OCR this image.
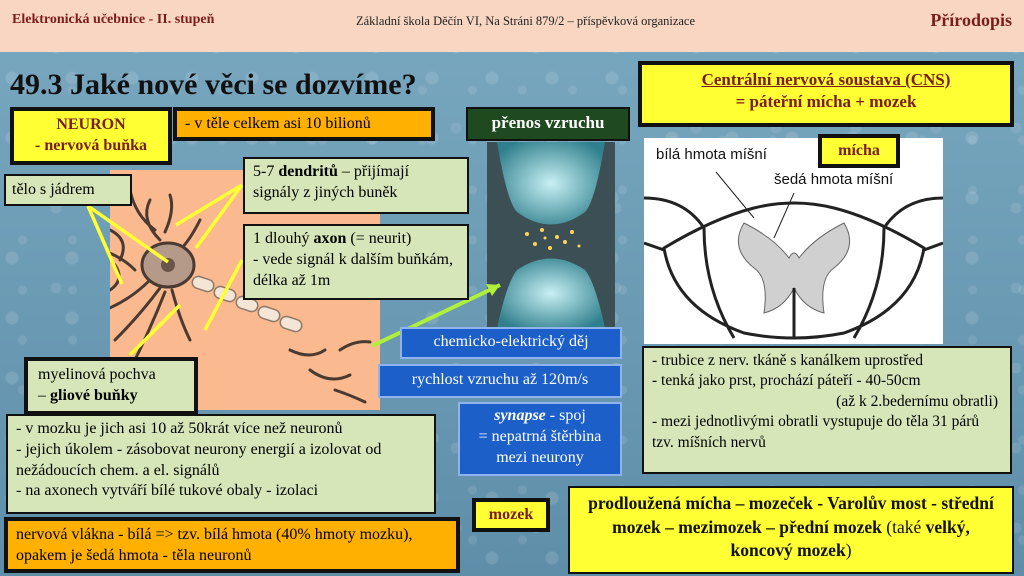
Elektronická učebnice - II. stupeň	Základní škola Děčín VI, Na Stráni 879/2 – příspěvková organizace	Přírodopis
49.3 Jaké nové věci se dozvíme?
bílá hmota míšní
šedá hmota míšní
NEURON
- nervová buňka
- v těle celkem asi 10 bilionů
tělo s jádrem
5-7 dendritů – přijímají signály z jiných buněk
1 dlouhý axon (= neurit)
- vede signál k dalším buňkám, délka až 1m
myelinová pochva
– gliové buňky
- v mozku je jich asi 10 až 50krát více než neuronů
- jejich úkolem - zásobovat neurony energií a izolovat od nežádoucích chem. a el. signálů
- na axonech vytváří bílé tukové obaly - izolaci
nervová vlákna - bílá => tzv. bílá hmota (40% hmoty mozku), opakem je šedá hmota - těla neuronů
přenos vzruchu
chemicko-elektrický děj
rychlost vzruchu až 120m/s
synapse - spoj
= nepatrná štěrbina mezi neurony
Centrální nervová soustava (CNS)
= páteřní mícha + mozek
mícha
- trubice z nerv. tkáně s kanálkem uprostřed
- tenká jako prst, prochází páteří - 40-50cm
(až k 2.bedernímu obratli)
- mezi jednotlivými obratli vystupuje do těla 31 párů tzv. míšních nervů
mozek
prodloužená mícha – mozeček - Varolův most - střední mozek – mezimozek – přední mozek (také velký, koncový mozek)
